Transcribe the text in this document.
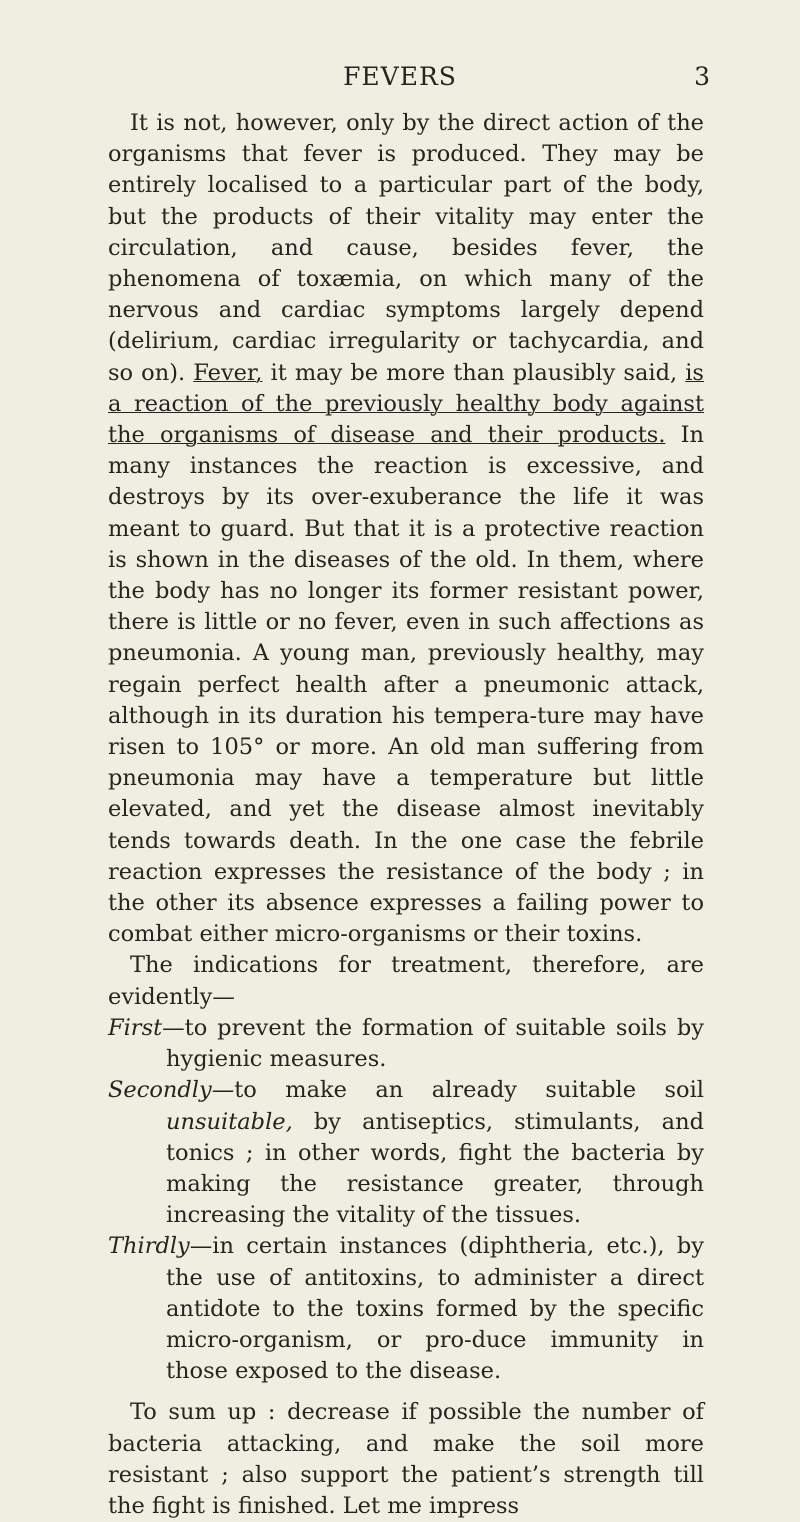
FEVERS	3

It is not, however, only by the direct action of the organisms that fever is produced. They may be entirely localised to a particular part of the body, but the products of their vitality may enter the circulation, and cause, besides fever, the phenomena of toxæmia, on which many of the nervous and cardiac symptoms largely depend (delirium, cardiac irregularity or tachycardia, and so on). Fever, it may be more than plausibly said, is a reaction of the previously healthy body against the organisms of disease and their products. In many instances the reaction is excessive, and destroys by its over-exuberance the life it was meant to guard. But that it is a protective reaction is shown in the diseases of the old. In them, where the body has no longer its former resistant power, there is little or no fever, even in such affections as pneumonia. A young man, previously healthy, may regain perfect health after a pneumonic attack, although in its duration his tempera-ture may have risen to 105° or more. An old man suffering from pneumonia may have a temperature but little elevated, and yet the disease almost inevitably tends towards death. In the one case the febrile reaction expresses the resistance of the body ; in the other its absence expresses a failing power to combat either micro-organisms or their toxins.

The indications for treatment, therefore, are evidently—

First—to prevent the formation of suitable soils by hygienic measures.

Secondly—to make an already suitable soil unsuitable, by antiseptics, stimulants, and tonics ; in other words, fight the bacteria by making the resistance greater, through increasing the vitality of the tissues.

Thirdly—in certain instances (diphtheria, etc.), by the use of antitoxins, to administer a direct antidote to the toxins formed by the specific micro-organism, or pro-duce immunity in those exposed to the disease.

To sum up : decrease if possible the number of bacteria attacking, and make the soil more resistant ; also support the patient’s strength till the fight is finished. Let me impress
